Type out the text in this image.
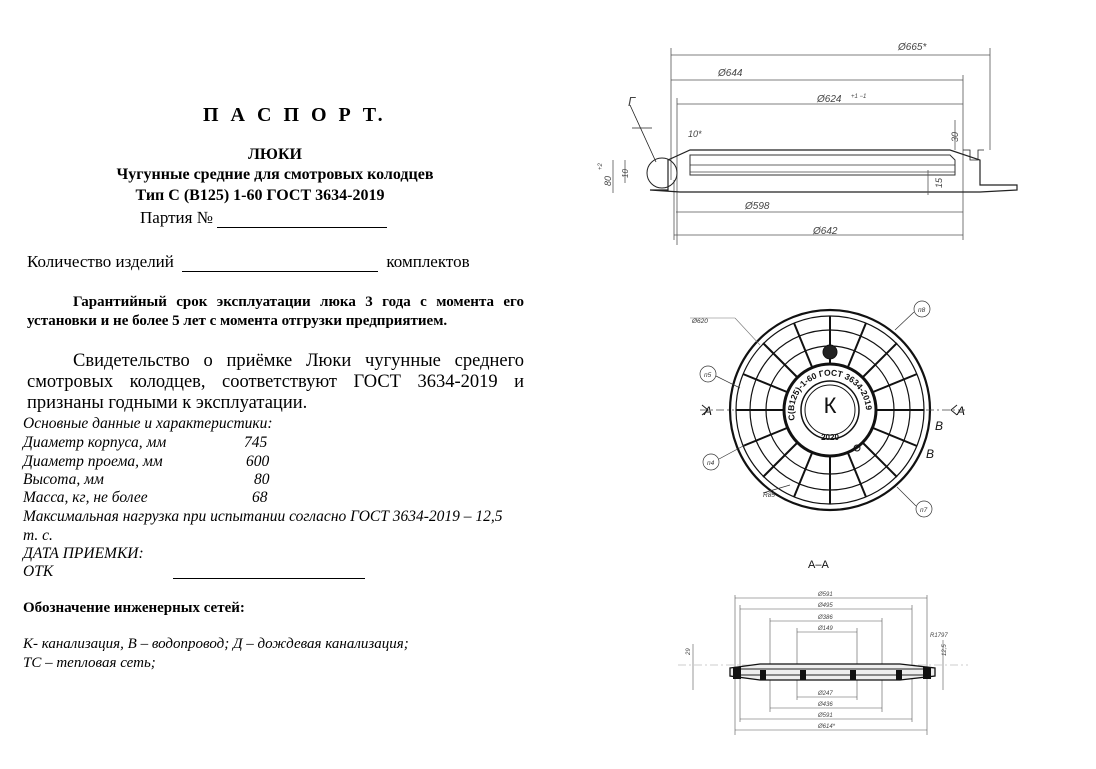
П А С П О Р Т.
ЛЮКИ
Чугунные средние для смотровых колодцев
Тип С (В125) 1-60 ГОСТ 3634-2019
Партия №
Количество изделий	комплектов
Гарантийный срок эксплуатации люка 3 года с момента его установки и не более 5 лет с момента отгрузки предприятием.
Свидетельство о приёмке Люки чугунные среднего смотровых колодцев, соответствуют ГОСТ 3634-2019 и признаны годными к эксплуатации.
Основные данные и характеристики:
Диаметр корпуса, мм	745
Диаметр проема, мм	600
Высота, мм	80
Масса, кг, не более	68
Максимальная нагрузка при испытании согласно ГОСТ 3634-2019 – 12,5
т. с.
ДАТА ПРИЕМКИ:
ОТК
Обозначение инженерных сетей:
К- канализация, В – водопровод; Д – дождевая канализация;
ТС – тепловая сеть;
Г
Ø665*
Ø644
Ø624 +1 −1
10*
Ø598
Ø642
30
15
80
+2
10
К
2020
С(В125)-1-60 ГОСТ 3634-2019
А	А
В
В
Ø620
п8
п5
п4
п7
R85
А–А
Ø591
Ø495
Ø386
Ø149
Ø247
Ø436
Ø591
Ø614*
R1797
29	12,5
